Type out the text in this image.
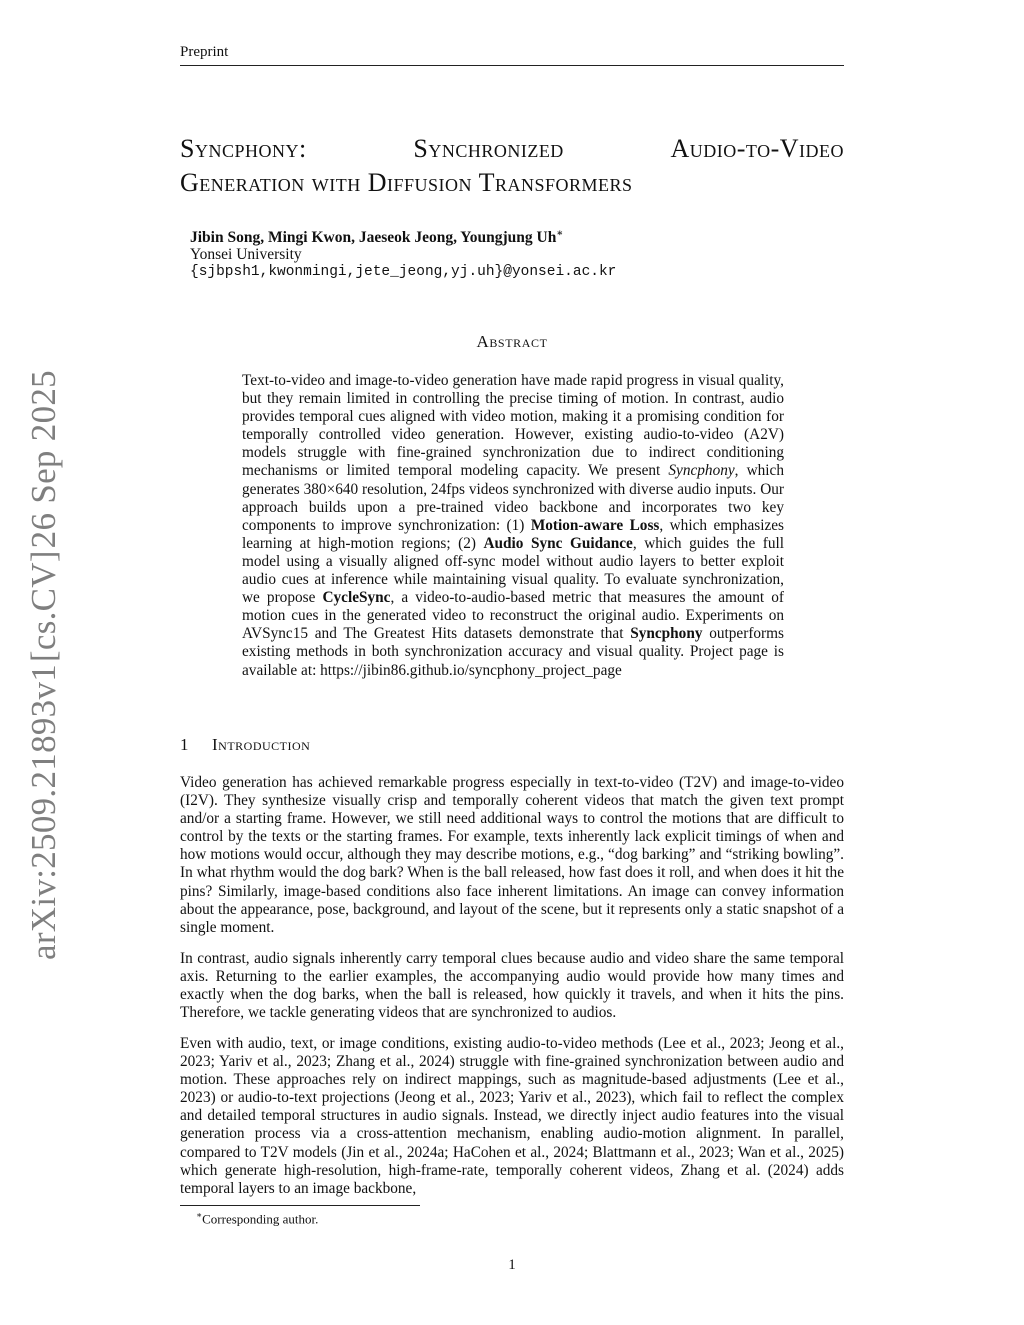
Preprint
arXiv:2509.21893v1
[cs.CV]
26 Sep 2025
Syncphony:	Synchronized	Audio-to-Video
Generation with Diffusion Transformers
Jibin Song, Mingi Kwon, Jaeseok Jeong, Youngjung Uh∗
Yonsei University
{sjbpsh1,kwonmingi,jete_jeong,yj.uh}@yonsei.ac.kr
Abstract
Text-to-video and image-to-video generation have made rapid progress in visual quality, but they remain limited in controlling the precise timing of motion. In contrast, audio provides temporal cues aligned with video motion, making it a promising condition for temporally controlled video generation. However, existing audio-to-video (A2V) models struggle with fine-grained synchronization due to indirect conditioning mechanisms or limited temporal modeling capacity. We present Syncphony, which generates 380×640 resolution, 24fps videos synchronized with diverse audio inputs. Our approach builds upon a pre-trained video backbone and incorporates two key components to improve synchronization: (1) Motion-aware Loss, which emphasizes learning at high-motion regions; (2) Audio Sync Guidance, which guides the full model using a visually aligned off-sync model without audio layers to better exploit audio cues at inference while maintaining visual quality. To evaluate synchronization, we propose CycleSync, a video-to-audio-based metric that measures the amount of motion cues in the generated video to reconstruct the original audio. Experiments on AVSync15 and The Greatest Hits datasets demonstrate that Syncphony outperforms existing methods in both synchronization accuracy and visual quality. Project page is available at: https://jibin86.github.io/syncphony_project_page
1 Introduction
Video generation has achieved remarkable progress especially in text-to-video (T2V) and image-to-video (I2V). They synthesize visually crisp and temporally coherent videos that match the given text prompt and/or a starting frame. However, we still need additional ways to control the motions that are difficult to control by the texts or the starting frames. For example, texts inherently lack explicit timings of when and how motions would occur, although they may describe motions, e.g., “dog barking” and “striking bowling”. In what rhythm would the dog bark? When is the ball released, how fast does it roll, and when does it hit the pins? Similarly, image-based conditions also face inherent limitations. An image can convey information about the appearance, pose, background, and layout of the scene, but it represents only a static snapshot of a single moment.
In contrast, audio signals inherently carry temporal clues because audio and video share the same temporal axis. Returning to the earlier examples, the accompanying audio would provide how many times and exactly when the dog barks, when the ball is released, how quickly it travels, and when it hits the pins. Therefore, we tackle generating videos that are synchronized to audios.
Even with audio, text, or image conditions, existing audio-to-video methods (Lee et al., 2023; Jeong et al., 2023; Yariv et al., 2023; Zhang et al., 2024) struggle with fine-grained synchronization between audio and motion. These approaches rely on indirect mappings, such as magnitude-based adjustments (Lee et al., 2023) or audio-to-text projections (Jeong et al., 2023; Yariv et al., 2023), which fail to reflect the complex and detailed temporal structures in audio signals. Instead, we directly inject audio features into the visual generation process via a cross-attention mechanism, enabling audio-motion alignment. In parallel, compared to T2V models (Jin et al., 2024a; HaCohen et al., 2024; Blattmann et al., 2023; Wan et al., 2025) which generate high-resolution, high-frame-rate, temporally coherent videos, Zhang et al. (2024) adds temporal layers to an image backbone,
∗Corresponding author.
1
